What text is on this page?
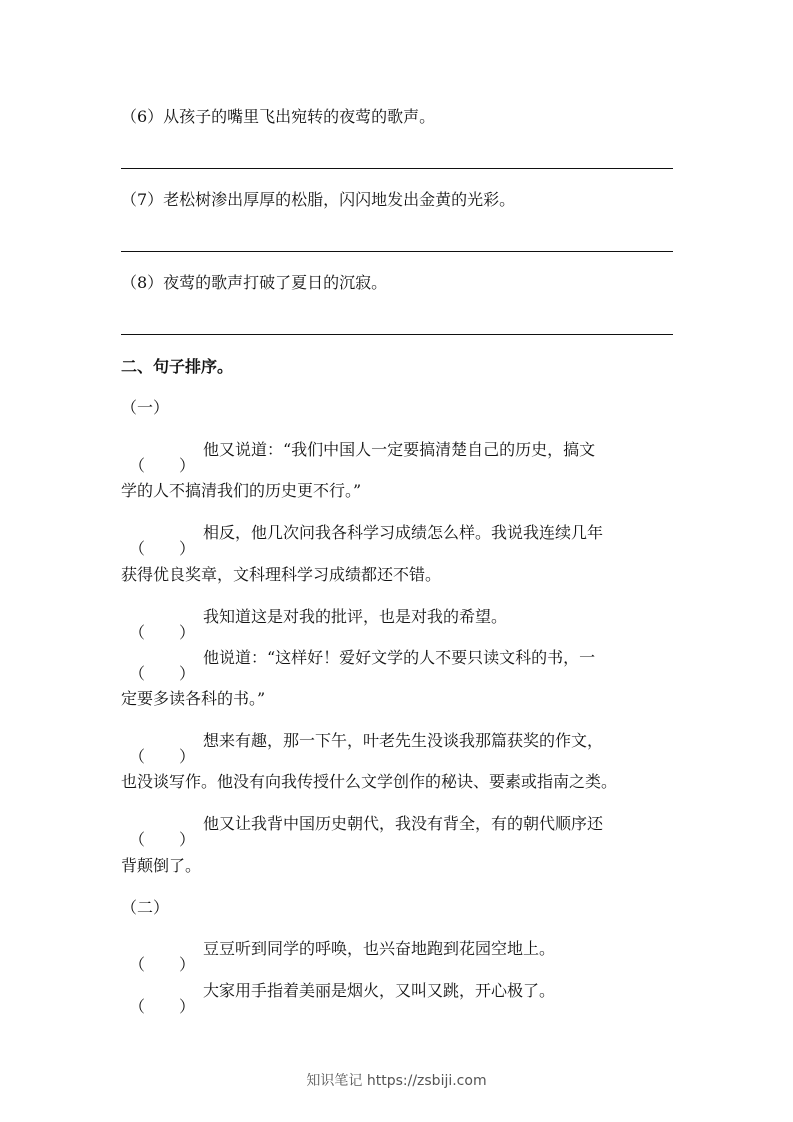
（6）从孩子的嘴里飞出宛转的夜莺的歌声。
（7）老松树渗出厚厚的松脂，闪闪地发出金黄的光彩。
（8）夜莺的歌声打破了夏日的沉寂。
二、句子排序。
（一）
（ ）
他又说道：“我们中国人一定要搞清楚自己的历史，搞文
学的人不搞清我们的历史更不行。”
（ ）
相反，他几次问我各科学习成绩怎么样。我说我连续几年
获得优良奖章，文科理科学习成绩都还不错。
（ ）
我知道这是对我的批评，也是对我的希望。
（ ）
他说道：“这样好！爱好文学的人不要只读文科的书，一
定要多读各科的书。”
（ ）
想来有趣，那一下午，叶老先生没谈我那篇获奖的作文，
也没谈写作。他没有向我传授什么文学创作的秘诀、要素或指南之类。
（ ）
他又让我背中国历史朝代，我没有背全，有的朝代顺序还
背颠倒了。
（二）
（ ）
豆豆听到同学的呼唤，也兴奋地跑到花园空地上。
（ ）
大家用手指着美丽是烟火，又叫又跳，开心极了。
知识笔记 https://zsbiji.com
